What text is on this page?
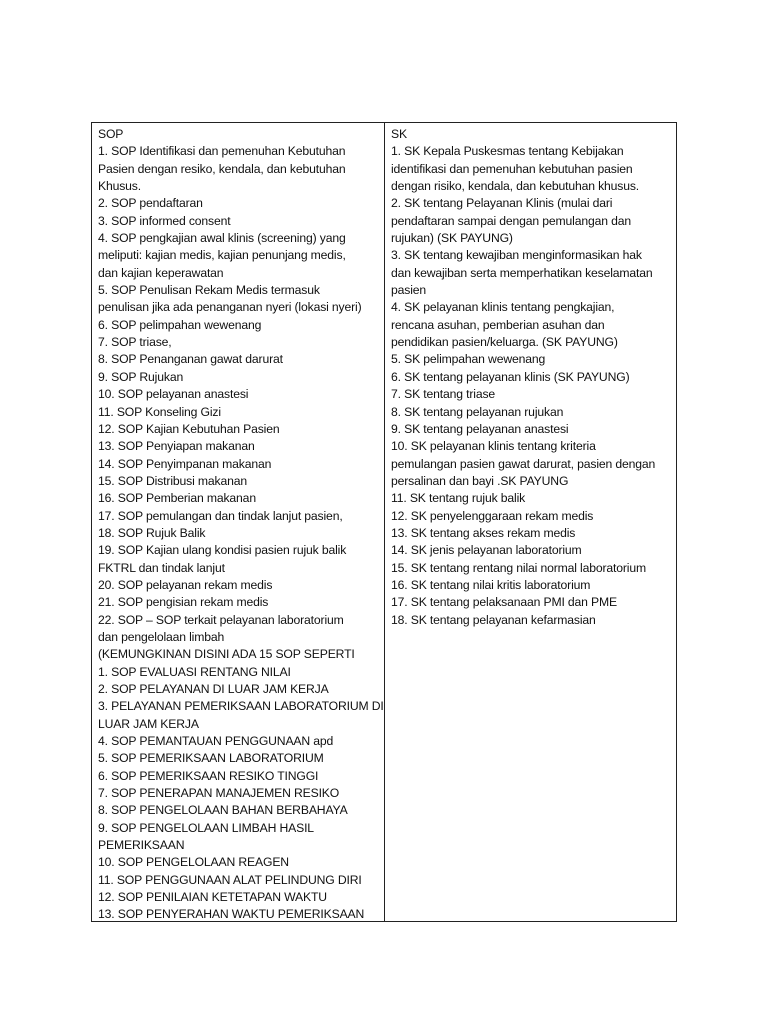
SOP
1. SOP Identifikasi dan pemenuhan Kebutuhan
Pasien dengan resiko, kendala, dan kebutuhan
Khusus.
2. SOP pendaftaran
3. SOP informed consent
4. SOP pengkajian awal klinis (screening) yang
meliputi: kajian medis, kajian penunjang medis,
dan kajian keperawatan
5. SOP Penulisan Rekam Medis termasuk
penulisan jika ada penanganan nyeri (lokasi nyeri)
6. SOP pelimpahan wewenang
7. SOP triase,
8. SOP Penanganan gawat darurat
9. SOP Rujukan
10. SOP pelayanan anastesi
11. SOP Konseling Gizi
12. SOP Kajian Kebutuhan Pasien
13. SOP Penyiapan makanan
14. SOP Penyimpanan makanan
15. SOP Distribusi makanan
16. SOP Pemberian makanan
17. SOP pemulangan dan tindak lanjut pasien,
18. SOP Rujuk Balik
19. SOP Kajian ulang kondisi pasien rujuk balik
FKTRL dan tindak lanjut
20. SOP pelayanan rekam medis
21. SOP pengisian rekam medis
22. SOP – SOP terkait pelayanan laboratorium
dan pengelolaan limbah
(KEMUNGKINAN DISINI ADA 15 SOP SEPERTI
1. SOP EVALUASI RENTANG NILAI
2. SOP PELAYANAN DI LUAR JAM KERJA
3. PELAYANAN PEMERIKSAAN LABORATORIUM DI
LUAR JAM KERJA
4. SOP PEMANTAUAN PENGGUNAAN apd
5. SOP PEMERIKSAAN LABORATORIUM
6. SOP PEMERIKSAAN RESIKO TINGGI
7. SOP PENERAPAN MANAJEMEN RESIKO
8. SOP PENGELOLAAN BAHAN BERBAHAYA
9. SOP PENGELOLAAN LIMBAH HASIL
PEMERIKSAAN
10. SOP PENGELOLAAN REAGEN
11. SOP PENGGUNAAN ALAT PELINDUNG DIRI
12. SOP PENILAIAN KETETAPAN WAKTU
13. SOP PENYERAHAN WAKTU PEMERIKSAAN
SK
1. SK Kepala Puskesmas tentang Kebijakan
identifikasi dan pemenuhan kebutuhan pasien
dengan risiko, kendala, dan kebutuhan khusus.
2. SK tentang Pelayanan Klinis (mulai dari
pendaftaran sampai dengan pemulangan dan
rujukan) (SK PAYUNG)
3. SK tentang kewajiban menginformasikan hak
dan kewajiban serta memperhatikan keselamatan
pasien
4. SK pelayanan klinis tentang pengkajian,
rencana asuhan, pemberian asuhan dan
pendidikan pasien/keluarga. (SK PAYUNG)
5. SK pelimpahan wewenang
6. SK tentang pelayanan klinis (SK PAYUNG)
7. SK tentang triase
8. SK tentang pelayanan rujukan
9. SK tentang pelayanan anastesi
10. SK pelayanan klinis tentang kriteria
pemulangan pasien gawat darurat, pasien dengan
persalinan dan bayi .SK PAYUNG
11. SK tentang rujuk balik
12. SK penyelenggaraan rekam medis
13. SK tentang akses rekam medis
14. SK jenis pelayanan laboratorium
15. SK tentang rentang nilai normal laboratorium
16. SK tentang nilai kritis laboratorium
17. SK tentang pelaksanaan PMI dan PME
18. SK tentang pelayanan kefarmasian
